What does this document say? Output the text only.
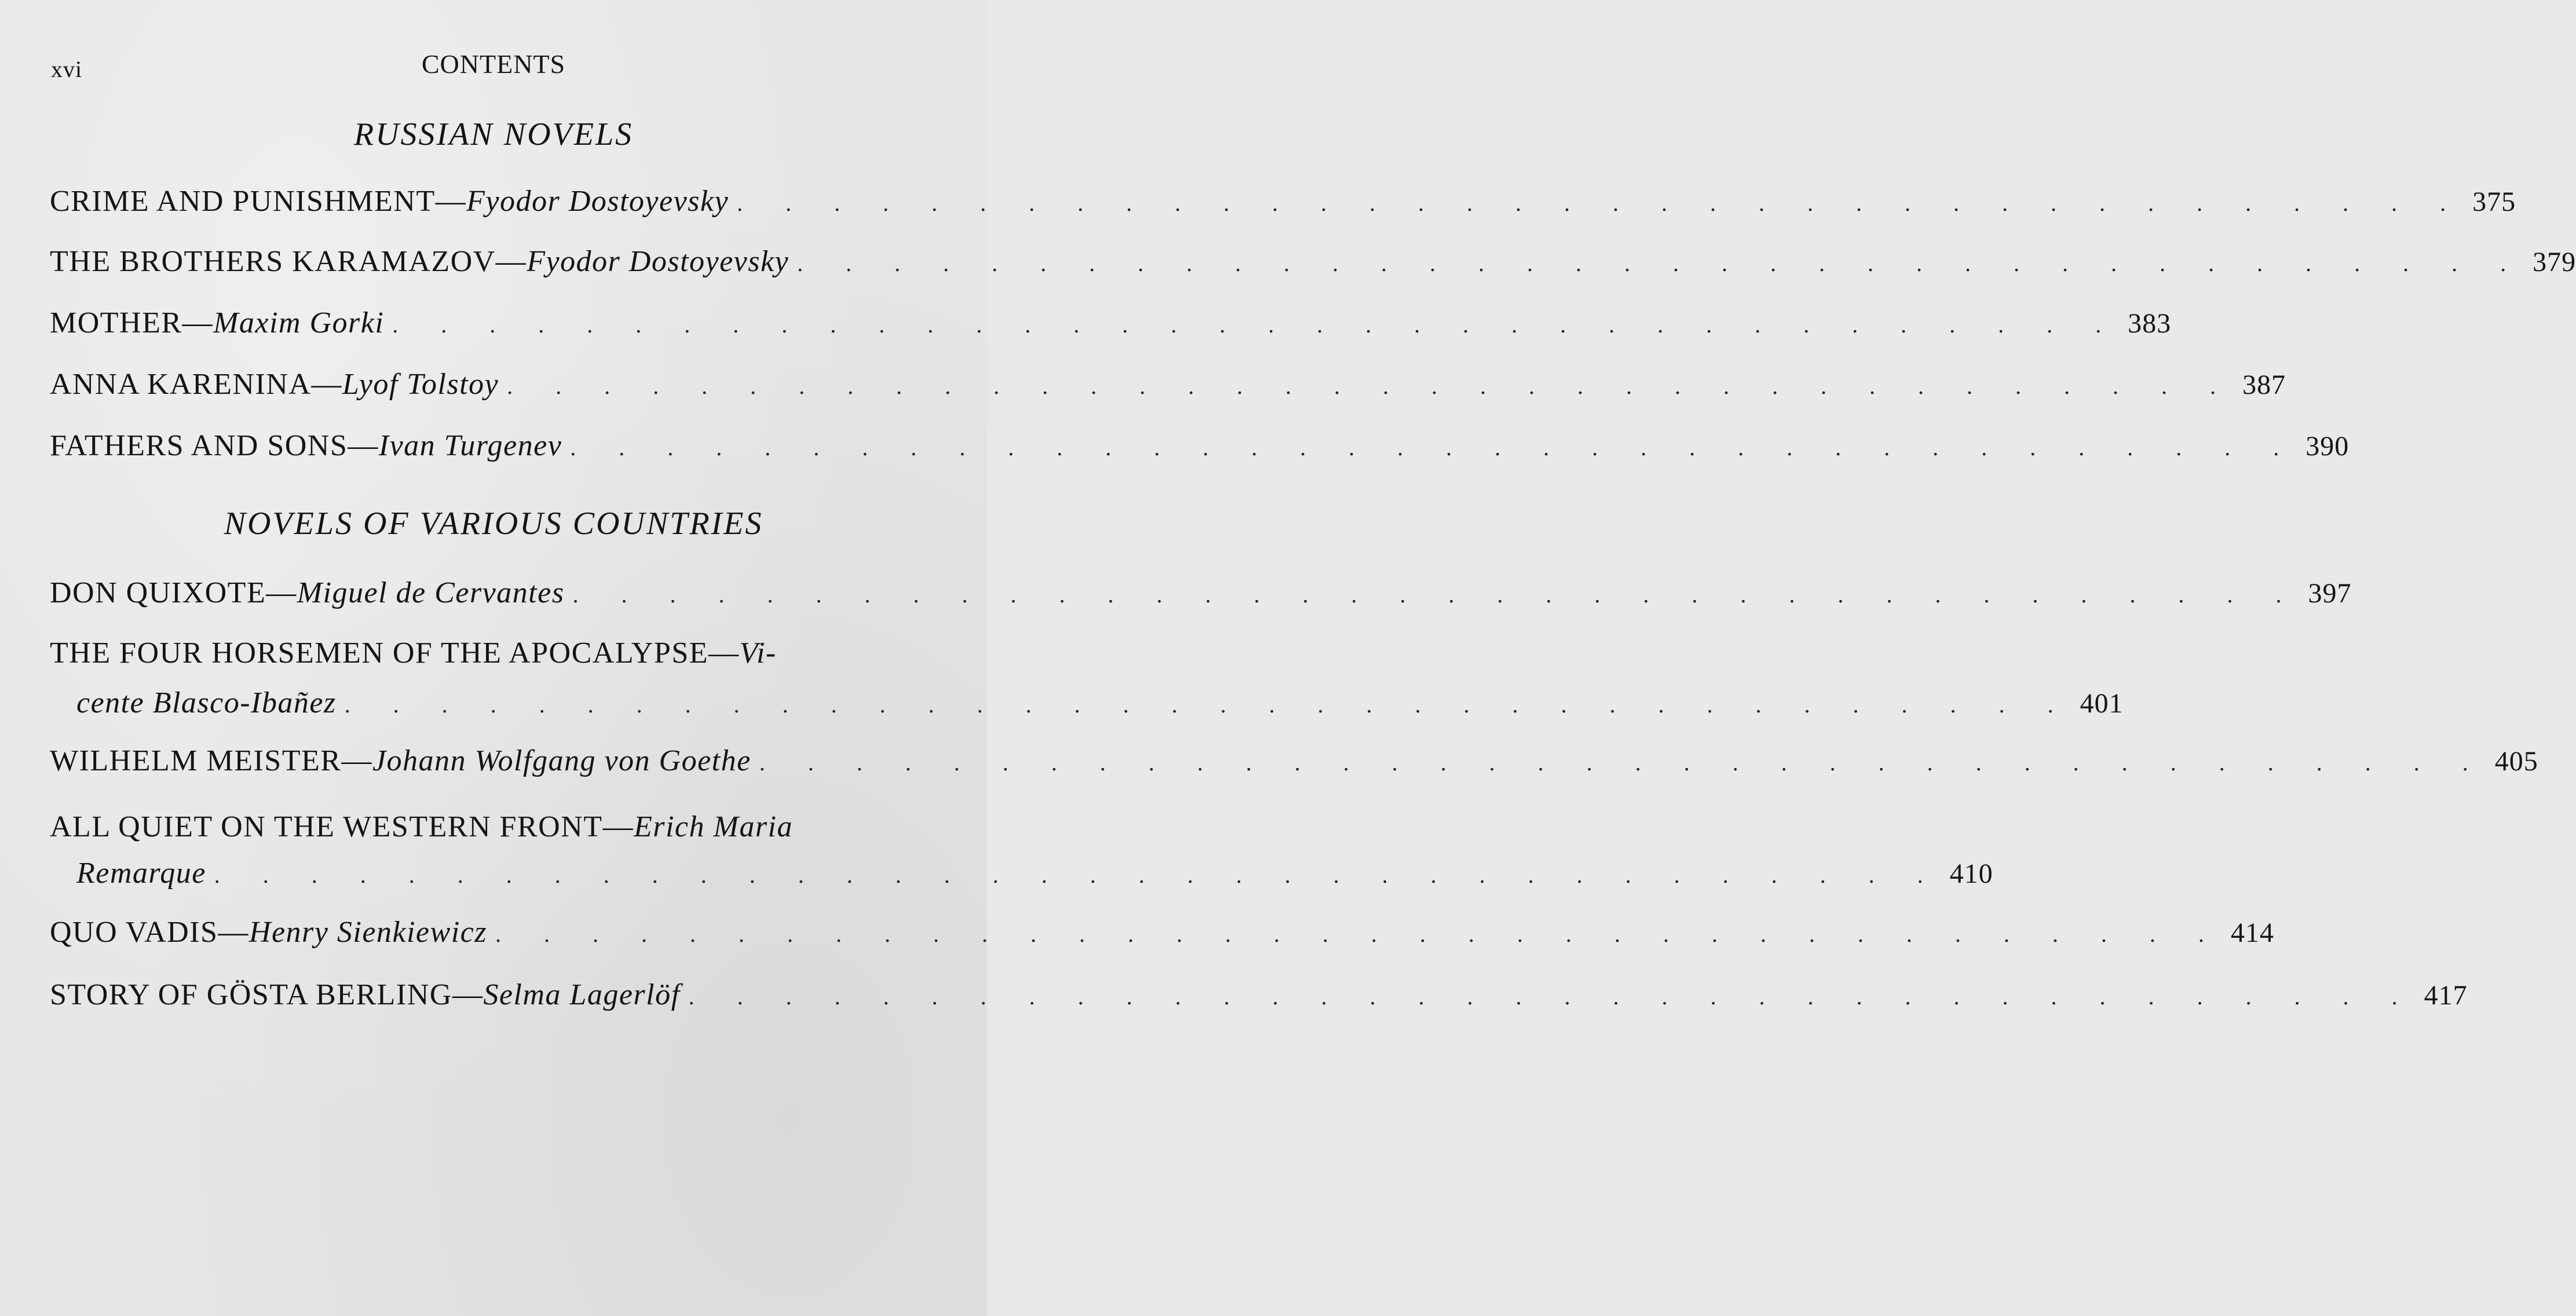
xvi	CONTENTS
RUSSIAN NOVELS
CRIME AND PUNISHMENT— Fyodor Dostoyevsky . . . . . . . . . . . . . . . . . . . . . . . . . . . . . . . . . . . . 375
THE BROTHERS KARAMAZOV— Fyodor Dostoyevsky . . . . . . . . . . . . . . . . . . . . . . . . . . . . . . . . . . . . 379
MOTHER— Maxim Gorki . . . . . . . . . . . . . . . . . . . . . . . . . . . . . . . . . . . . 383
ANNA KARENINA— Lyof Tolstoy . . . . . . . . . . . . . . . . . . . . . . . . . . . . . . . . . . . . 387
FATHERS AND SONS— Ivan Turgenev . . . . . . . . . . . . . . . . . . . . . . . . . . . . . . . . . . . . 390
NOVELS OF VARIOUS COUNTRIES
DON QUIXOTE— Miguel de Cervantes . . . . . . . . . . . . . . . . . . . . . . . . . . . . . . . . . . . . 397
THE FOUR HORSEMEN OF THE APOCALYPSE— Vi-
cente Blasco-Ibañez . . . . . . . . . . . . . . . . . . . . . . . . . . . . . . . . . . . . 401
WILHELM MEISTER— Johann Wolfgang von Goethe . . . . . . . . . . . . . . . . . . . . . . . . . . . . . . . . . . . . 405
ALL QUIET ON THE WESTERN FRONT— Erich Maria
Remarque . . . . . . . . . . . . . . . . . . . . . . . . . . . . . . . . . . . . 410
QUO VADIS— Henry Sienkiewicz . . . . . . . . . . . . . . . . . . . . . . . . . . . . . . . . . . . . 414
STORY OF GÖSTA BERLING— Selma Lagerlöf . . . . . . . . . . . . . . . . . . . . . . . . . . . . . . . . . . . . 417
